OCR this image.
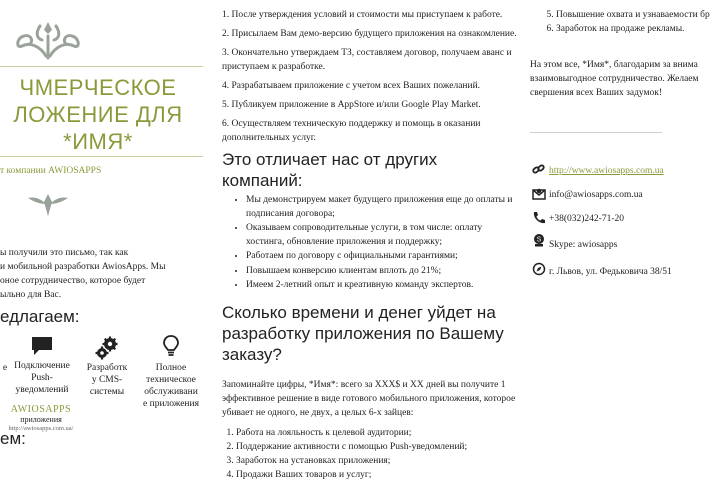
ЧМЕРЧЕСКОЕ
ЛОЖЕНИЕ ДЛЯ
*ИМЯ*
т компании AWIOSAPPS
ы получили это письмо, так как
и мобильной разработки AwiosApps. Мы
оное сотрудничество, которое будет
ыльно для Вас.
едлагаем:
е Подключение
Push-
уведомлений
Разработк
у CMS-
системы
Полное
техническое
обслуживани
е приложения
AWIOSAPPS
приложения
http://awiosapps.com.ua/
ем:
1. После утверждения условий и стоимости мы приступаем к работе.
2. Присылаем Вам демо-версию будущего приложения на ознакомление.
3. Окончательно утверждаем ТЗ, составляем договор, получаем аванс и приступаем к разработке.
4. Разрабатываем приложение с учетом всех Ваших пожеланий.
5. Публикуем приложение в AppStore и/или Google Play Market.
6. Осуществляем техническую поддержку и помощь в оказании дополнительных услуг.
Это отличает нас от других компаний:
• Мы демонстрируем макет будущего приложения еще до оплаты и подписания договора;
• Оказываем сопроводительные услуги, в том числе: оплату хостинга, обновление приложения и поддержку;
• Работаем по договору с официальными гарантиями;
• Повышаем конверсию клиентам вплоть до 21%;
• Имеем 2-летний опыт и креативную команду экспертов.
Сколько времени и денег уйдет на разработку приложения по Вашему заказу?

Запоминайте цифры, *Имя*: всего за XXX$ и XX дней вы получите 1 эффективное решение в виде готового мобильного приложения, которое убивает не одного, не двух, а целых 6-х зайцев:

1. Работа на лояльность к целевой аудитории;
2. Поддержание активности с помощью Push-уведомлений;
3. Заработок на установках приложения;
4. Продажи Ваших товаров и услуг;
5. Повышение охвата и узнаваемости бр
6. Заработок на продаже рекламы.
На этом все, *Имя*, благодарим за внима
взаимовыгодное сотрудничество. Желаем
свершения всех Ваших задумок!
http://www.awiosapps.com.ua
info@awiosapps.com.ua
+38(032)242-71-20
S Skype: awiosapps
г. Львов, ул. Федьковича 38/51
